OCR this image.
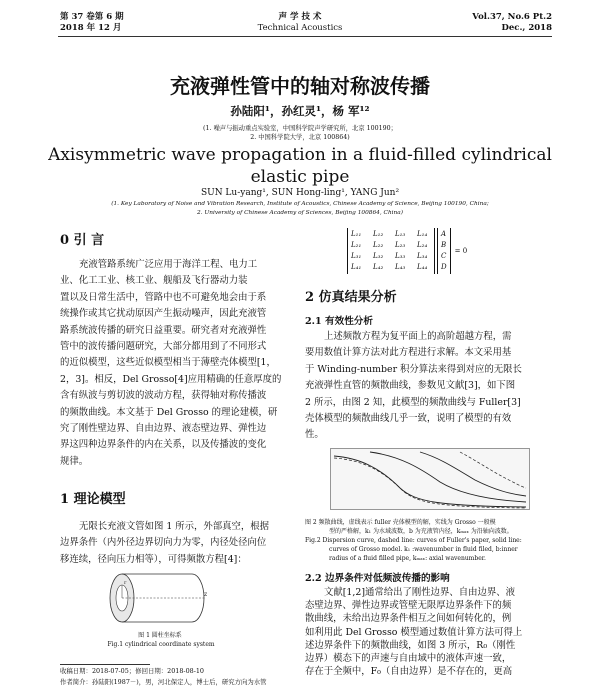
第 37 卷第 6 期
2018 年 12 月
声 学 技 术
Technical Acoustics
Vol.37, No.6 Pt.2
Dec., 2018
充液弹性管中的轴对称波传播
孙陆阳¹，孙红灵¹，杨 军¹²
(1. 噪声与振动重点实验室，中国科学院声学研究所，北京 100190；
2. 中国科学院大学，北京 100864)
Axisymmetric wave propagation in a fluid-filled cylindrical
elastic pipe
SUN Lu-yang¹, SUN Hong-ling¹, YANG Jun²
(1. Key Laboratory of Noise and Vibration Research, Institute of Acoustics, Chinese Academy of Science, Beijing 100190, China;
2. University of Chinese Academy of Sciences, Beijing 100864, China)
0 引 言
充液管路系统广泛应用于海洋工程、电力工
业、化工工业、核工业、舰船及飞行器动力装
置以及日常生活中，管路中也不可避免地会由于系
统操作或其它扰动原因产生振动噪声，因此充液管
路系统波传播的研究日益重要。研究者对充液弹性
管中的波传播问题研究，大部分都用到了不同形式
的近似模型，这些近似模型相当于薄壁壳体模型[1，
2，3]。相反，Del Grosso[4]应用精确的任意厚度的
含有纵波与剪切波的波动方程，获得轴对称传播波
的频散曲线。本文基于 Del Grosso 的理论建模，研
究了刚性壁边界、自由边界、液态壁边界、弹性边
界这四种边界条件的内在关系，以及传播波的变化
规律。
1 理论模型
无限长充液文管如图 1 所示，外部真空，根据
边界条件（内外径边界切向力为零，内径处径向位
移连续，径向压力相等），可得频散方程[4]：
z
r
图 1 圆柱坐标系
Fig.1 cylindrical coordinate system
收稿日期：2018-07-05；修回日期：2018-08-10
作者简介：孙陆阳(1987－)，男，河北保定人，博士后，研究方向为水管
L₁₁ L₁₂ L₁₃ L₁₄
L₂₁ L₂₂ L₂₃ L₂₄
L₃₁ L₃₂ L₃₃ L₃₄
L₄₁ L₄₂ L₄₃ L₄₄
A
B
C
D
= 0
2 仿真结果分析
2.1 有效性分析
上述频散方程为复平面上的高阶超越方程，需
要用数值计算方法对此方程进行求解。本文采用基
于 Winding-number 积分算法来得到对应的无限长
充液弹性直管的频散曲线，参数见文献[3]，如下图
2 所示，由图 2 知，此模型的频散曲线与 Fuller[3]
壳体模型的频散曲线几乎一致，说明了模型的有效
性。
图 2 频散曲线，虚线表示 fuller 壳体模型的解，实线为 Grosso 一般模
型的严格解，k₁ 为水域波数，b 为充液管内径，kₘₐₓ 为沿轴向波数。
Fig.2 Dispersion curve, dashed line: curves of Fuller's paper, solid line:
curves of Grosso model. k₁ :wavenumber in fluid filed, b:inner
radius of a fluid filled pipe, kₘₐₓ: axial wavenumber.
2.2 边界条件对低频波传播的影响
文献[1,2]通常给出了刚性边界、自由边界、液
态壁边界、弹性边界或管壁无限厚边界条件下的频
散曲线，未给出边界条件相互之间如何转化的，例
如利用此 Del Grosso 模型通过数值计算方法可得上
述边界条件下的频散曲线，如图 3 所示，R₀（刚性
边界）模态下的声速与自由域中的液体声速一致，
存在于全频中，F₀（自由边界）是不存在的，更高
